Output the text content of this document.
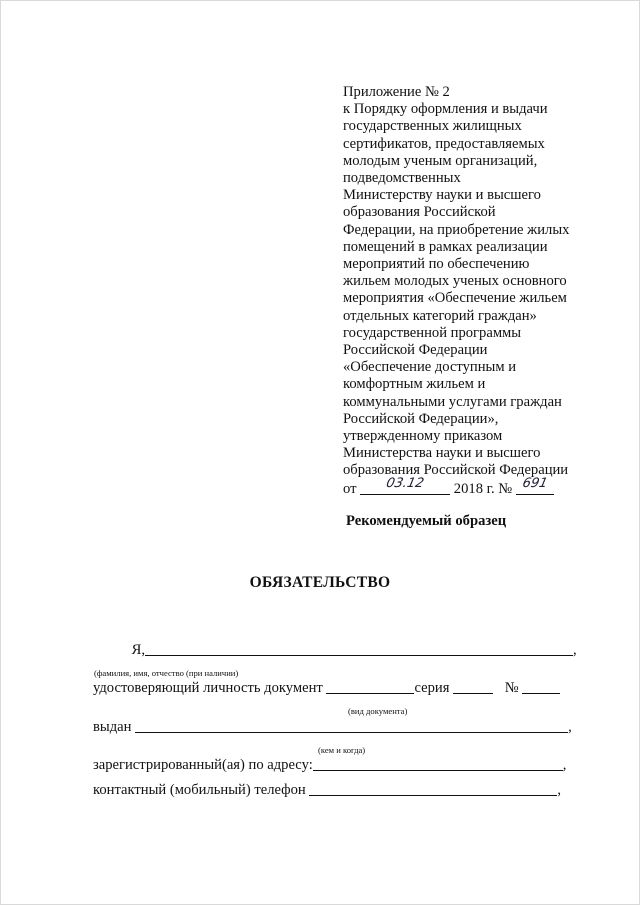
Приложение № 2
к Порядку оформления и выдачи
государственных жилищных
сертификатов, предоставляемых
молодым ученым организаций,
подведомственных
Министерству науки и высшего
образования Российской
Федерации, на приобретение жилых
помещений в рамках реализации
мероприятий по обеспечению
жильем молодых ученых основного
мероприятия «Обеспечение жильем
отдельных категорий граждан»
государственной программы
Российской Федерации
«Обеспечение доступным и
комфортным жильем и
коммунальными услугами граждан
Российской Федерации»,
утвержденному приказом
Министерства науки и высшего
образования Российской Федерации
от	03.12	2018 г. № 691
Рекомендуемый образец
ОБЯЗАТЕЛЬСТВО
Я,	,
(фамилия, имя, отчество (при наличии)
удостоверяющий личность документ	серия	№
(вид документа)
выдан	,
(кем и когда)
зарегистрированный(ая) по адресу:	,
контактный (мобильный) телефон	,
